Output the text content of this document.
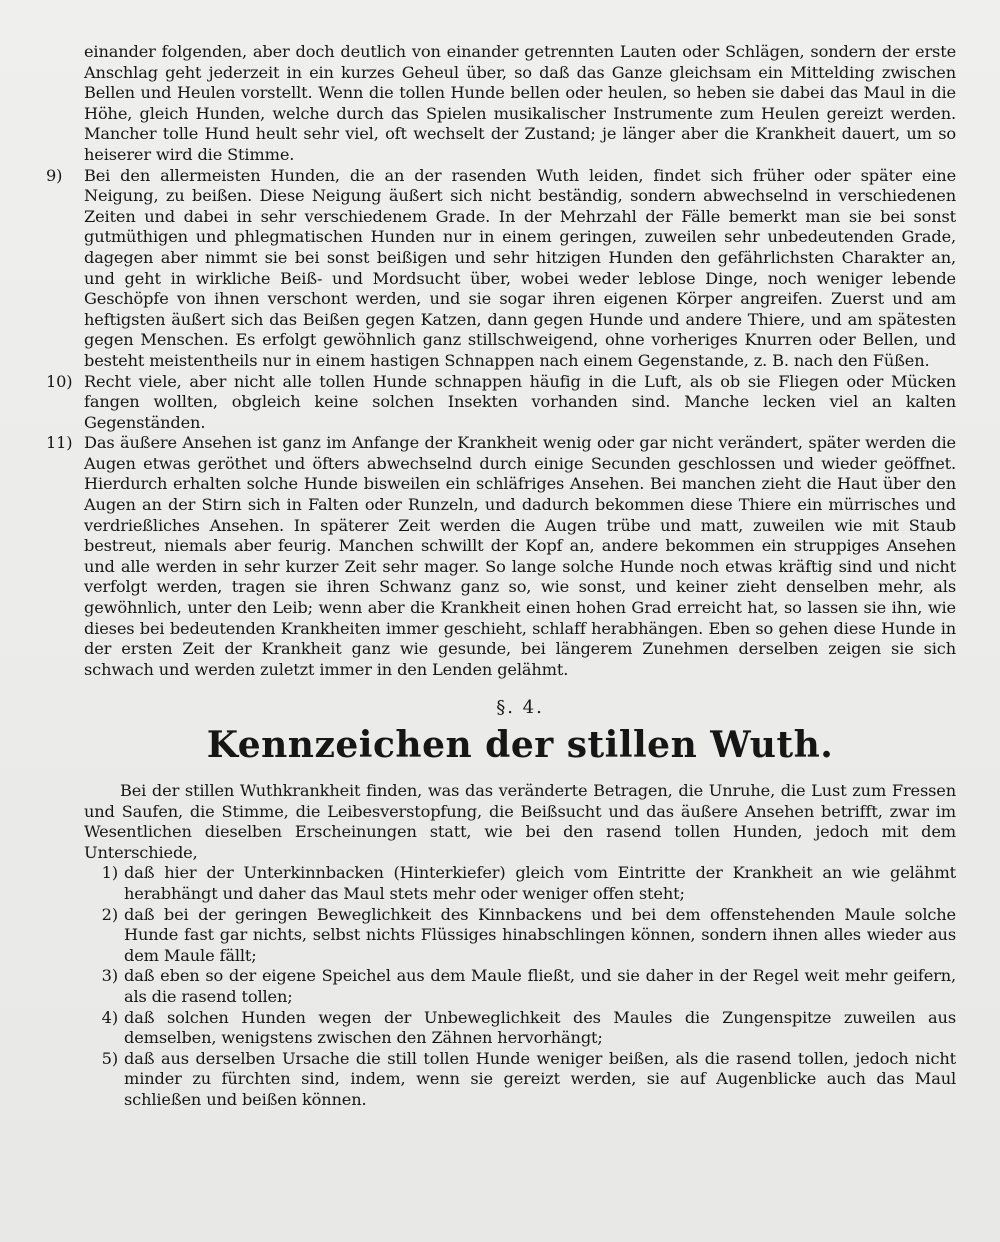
einander folgenden, aber doch deutlich von einander getrennten Lauten oder Schlägen, sondern der erste Anschlag geht jederzeit in ein kurzes Geheul über, so daß das Ganze gleichsam ein Mittelding zwischen Bellen und Heulen vorstellt. Wenn die tollen Hunde bellen oder heulen, so heben sie dabei das Maul in die Höhe, gleich Hunden, welche durch das Spielen musikalischer Instrumente zum Heulen gereizt werden. Mancher tolle Hund heult sehr viel, oft wechselt der Zustand; je länger aber die Krankheit dauert, um so heiserer wird die Stimme.

9)	Bei den allermeisten Hunden, die an der rasenden Wuth leiden, findet sich früher oder später eine Neigung, zu beißen. Diese Neigung äußert sich nicht beständig, sondern abwechselnd in verschiedenen Zeiten und dabei in sehr verschiedenem Grade. In der Mehrzahl der Fälle bemerkt man sie bei sonst gutmüthigen und phlegmatischen Hunden nur in einem geringen, zuweilen sehr unbedeutenden Grade, dagegen aber nimmt sie bei sonst beißigen und sehr hitzigen Hunden den gefährlichsten Charakter an, und geht in wirkliche Beiß- und Mordsucht über, wobei weder leblose Dinge, noch weniger lebende Geschöpfe von ihnen verschont werden, und sie sogar ihren eigenen Körper angreifen. Zuerst und am heftigsten äußert sich das Beißen gegen Katzen, dann gegen Hunde und andere Thiere, und am spätesten gegen Menschen. Es erfolgt gewöhnlich ganz stillschweigend, ohne vorheriges Knurren oder Bellen, und besteht meistentheils nur in einem hastigen Schnappen nach einem Gegenstande, z. B. nach den Füßen.
10) Recht viele, aber nicht alle tollen Hunde schnappen häufig in die Luft, als ob sie Fliegen oder Mücken fangen wollten, obgleich keine solchen Insekten vorhanden sind. Manche lecken viel an kalten Gegenständen.
11) Das äußere Ansehen ist ganz im Anfange der Krankheit wenig oder gar nicht verändert, später werden die Augen etwas geröthet und öfters abwechselnd durch einige Secunden geschlossen und wieder geöffnet. Hierdurch erhalten solche Hunde bisweilen ein schläfriges Ansehen. Bei manchen zieht die Haut über den Augen an der Stirn sich in Falten oder Runzeln, und dadurch bekommen diese Thiere ein mürrisches und verdrießliches Ansehen. In späterer Zeit werden die Augen trübe und matt, zuweilen wie mit Staub bestreut, niemals aber feurig. Manchen schwillt der Kopf an, andere bekommen ein struppiges Ansehen und alle werden in sehr kurzer Zeit sehr mager. So lange solche Hunde noch etwas kräftig sind und nicht verfolgt werden, tragen sie ihren Schwanz ganz so, wie sonst, und keiner zieht denselben mehr, als gewöhnlich, unter den Leib; wenn aber die Krankheit einen hohen Grad erreicht hat, so lassen sie ihn, wie dieses bei bedeutenden Krankheiten immer geschieht, schlaff herabhängen. Eben so gehen diese Hunde in der ersten Zeit der Krankheit ganz wie gesunde, bei längerem Zunehmen derselben zeigen sie sich schwach und werden zuletzt immer in den Lenden gelähmt.
§. 4.
Kennzeichen der stillen Wuth.

Bei der stillen Wuthkrankheit finden, was das veränderte Betragen, die Unruhe, die Lust zum Fressen und Saufen, die Stimme, die Leibesverstopfung, die Beißsucht und das äußere Ansehen betrifft, zwar im Wesentlichen dieselben Erscheinungen statt, wie bei den rasend tollen Hunden, jedoch mit dem Unterschiede,

1) daß hier der Unterkinnbacken (Hinterkiefer) gleich vom Eintritte der Krankheit an wie gelähmt herabhängt und daher das Maul stets mehr oder weniger offen steht;
2) daß bei der geringen Beweglichkeit des Kinnbackens und bei dem offenstehenden Maule solche Hunde fast gar nichts, selbst nichts Flüssiges hinabschlingen können, sondern ihnen alles wieder aus dem Maule fällt;
3) daß eben so der eigene Speichel aus dem Maule fließt, und sie daher in der Regel weit mehr geifern, als die rasend tollen;
4) daß solchen Hunden wegen der Unbeweglichkeit des Maules die Zungenspitze zuweilen aus demselben, wenigstens zwischen den Zähnen hervorhängt;
5) daß aus derselben Ursache die still tollen Hunde weniger beißen, als die rasend tollen, jedoch nicht minder zu fürchten sind, indem, wenn sie gereizt werden, sie auf Augenblicke auch das Maul schließen und beißen können.
